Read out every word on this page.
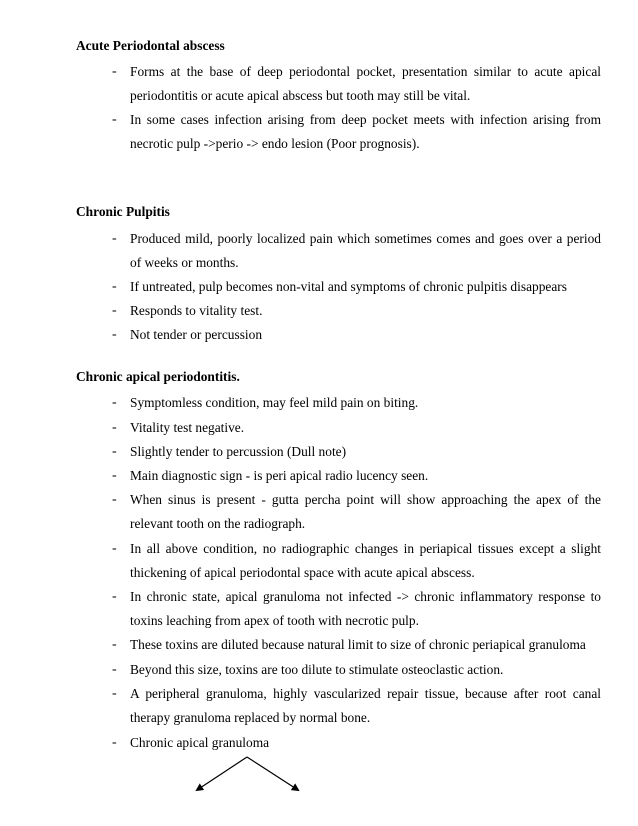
Acute Periodontal abscess
- Forms at the base of deep periodontal pocket, presentation similar to acute apical periodontitis or acute apical abscess but tooth may still be vital.
- In some cases infection arising from deep pocket meets with infection arising from necrotic pulp ->perio -> endo lesion (Poor prognosis).
Chronic Pulpitis
- Produced mild, poorly localized pain which sometimes comes and goes over a period of weeks or months.
- If untreated, pulp becomes non-vital and symptoms of chronic pulpitis disappears
- Responds to vitality test.
- Not tender or percussion
Chronic apical periodontitis.
- Symptomless condition, may feel mild pain on biting.
- Vitality test negative.
- Slightly tender to percussion (Dull note)
- Main diagnostic sign - is peri apical radio lucency seen.
- When sinus is present - gutta percha point will show approaching the apex of the relevant tooth on the radiograph.
- In all above condition, no radiographic changes in periapical tissues except a slight thickening of apical periodontal space with acute apical abscess.
- In chronic state, apical granuloma not infected -> chronic inflammatory response to toxins leaching from apex of tooth with necrotic pulp.
- These toxins are diluted because natural limit to size of chronic periapical granuloma
- Beyond this size, toxins are too dilute to stimulate osteoclastic action.
- A peripheral granuloma, highly vascularized repair tissue, because after root canal therapy granuloma replaced by normal bone.
- Chronic apical granuloma
